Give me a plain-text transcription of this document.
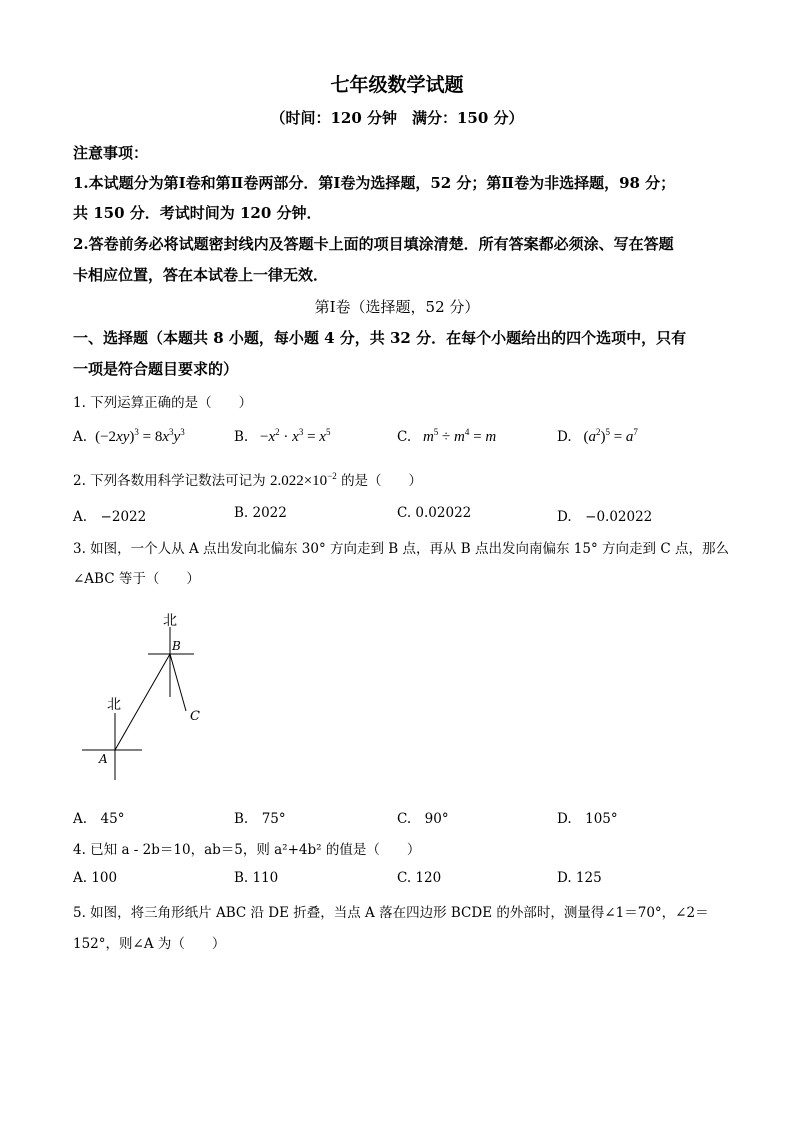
七年级数学试题
（时间：120 分钟　满分：150 分）
注意事项：
1.本试题分为第Ⅰ卷和第Ⅱ卷两部分．第Ⅰ卷为选择题，52 分；第Ⅱ卷为非选择题，98 分；
共 150 分．考试时间为 120 分钟．
2.答卷前务必将试题密封线内及答题卡上面的项目填涂清楚．所有答案都必须涂、写在答题
卡相应位置，答在本试卷上一律无效．
第Ⅰ卷（选择题，52 分）
一、选择题（本题共 8 小题，每小题 4 分，共 32 分．在每个小题给出的四个选项中，只有
一项是符合题目要求的）
1. 下列运算正确的是（　　）
A.  $(-2xy)^3 = 8x^3y^3$	B.   $-x^2 \cdot x^3 = x^5$	C. $m^5 \div m^4 = m$	D.   $(a^2)^5 = a^7$
2. 下列各数用科学记数法可记为 $2.022\times 10^{-2}$ 的是（　　）
A.　−2022	B. 2022	C. 0.02022	D.　−0.02022
3. 如图，一个人从 A 点出发向北偏东 30° 方向走到 B 点，再从 B 点出发向南偏东 15° 方向走到 C 点，那么
∠ABC 等于（　　）
北
北
B
C
A
A.　45°	B.　75°	C.　90°	D.　105°
4. 已知 a - 2b＝10，ab＝5，则 a²+4b² 的值是（　　）
A. 100	B. 110	C. 120	D. 125
5. 如图，将三角形纸片 ABC 沿 DE 折叠，当点 A 落在四边形 BCDE 的外部时，测量得∠1＝70°，∠2＝
152°，则∠A 为（　　）
